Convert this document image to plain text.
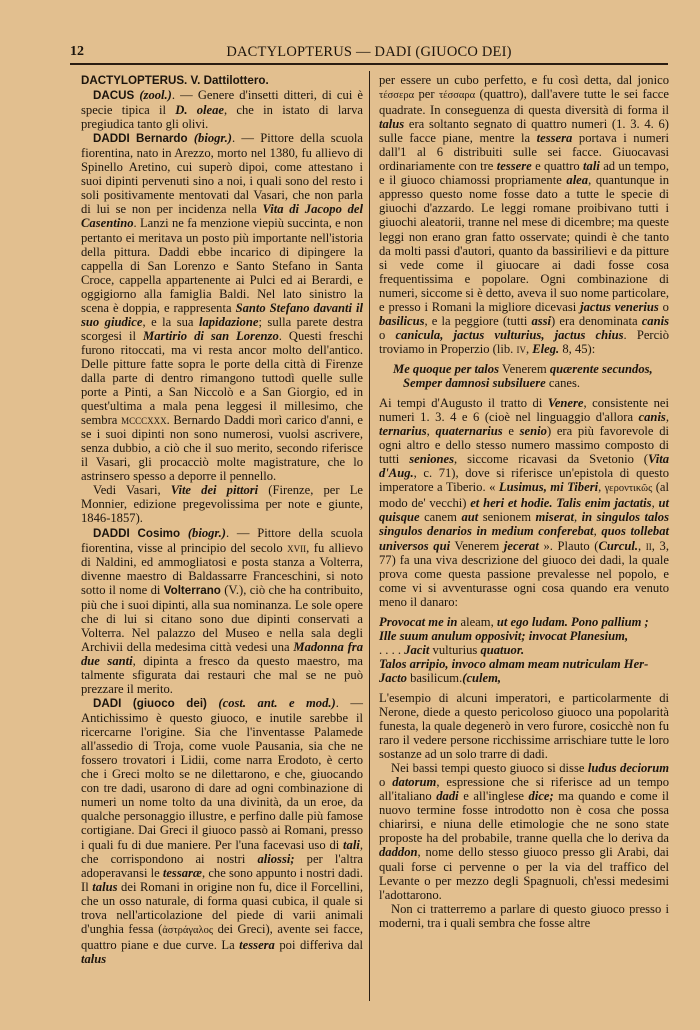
12	DACTYLOPTERUS — DADI (GIUOCO DEI)

DACTYLOPTERUS. V. Dattilottero.

DACUS (zool.). — Genere d'insetti ditteri, di cui è specie tipica il D. oleae, che in istato di larva pregiudica tanto gli olivi.

DADDI Bernardo (biogr.). — Pittore della scuola fiorentina, nato in Arezzo, morto nel 1380, fu allievo di Spinello Aretino, cui superò dipoi, come attestano i suoi dipinti pervenuti sino a noi, i quali sono del resto i soli positivamente mentovati dal Vasari, che non parla di lui se non per incidenza nella Vita di Jacopo del Casentino. Lanzi ne fa menzione viepiù succinta, e non pertanto ei meritava un posto più importante nell'istoria della pittura. Daddi ebbe incarico di dipingere la cappella di San Lorenzo e Santo Stefano in Santa Croce, cappella appartenente ai Pulci ed ai Berardi, e oggigiorno alla famiglia Baldi. Nel lato sinistro la scena è doppia, e rappresenta Santo Stefano davanti il suo giudice, e la sua lapidazione; sulla parete destra scorgesi il Martirio di san Lorenzo. Questi freschi furono ritoccati, ma vi resta ancor molto dell'antico. Delle pitture fatte sopra le porte della città di Firenze dalla parte di dentro rimangono tuttodì quelle sulle porte a Pinti, a San Niccolò e a San Giorgio, ed in quest'ultima a mala pena leggesi il millesimo, che sembra mcccxxx. Bernardo Daddi morì carico d'anni, e se i suoi dipinti non sono numerosi, vuolsi ascrivere, senza dubbio, a ciò che il suo merito, secondo riferisce il Vasari, gli procacciò molte magistrature, che lo astrinsero spesso a deporre il pennello.

Vedi Vasari, Vite dei pittori (Firenze, per Le Monnier, edizione pregevolissima per note e giunte, 1846-1857).

DADDI Cosimo (biogr.). — Pittore della scuola fiorentina, visse al principio del secolo xvii, fu allievo di Naldini, ed ammogliatosi e posta stanza a Volterra, divenne maestro di Baldassarre Franceschini, si noto sotto il nome di Volterrano (V.), ciò che ha contribuito, più che i suoi dipinti, alla sua nominanza. Le sole opere che di lui si citano sono due dipinti conservati a Volterra. Nel palazzo del Museo e nella sala degli Archivii della medesima città vedesi una Madonna fra due santi, dipinta a fresco da questo maestro, ma talmente sfigurata dai restauri che mal se ne può prezzare il merito.

DADI (giuoco dei) (cost. ant. e mod.). — Antichissimo è questo giuoco, e inutile sarebbe il ricercarne l'origine. Sia che l'inventasse Palamede all'assedio di Troja, come vuole Pausania, sia che ne fossero trovatori i Lidii, come narra Erodoto, è certo che i Greci molto se ne dilettarono, e che, giuocando con tre dadi, usarono di dare ad ogni combinazione di numeri un nome tolto da una divinità, da un eroe, da qualche personaggio illustre, e perfino dalle più famose cortigiane. Dai Greci il giuoco passò ai Romani, presso i quali fu di due maniere. Per l'una facevasi uso di tali, che corrispondono ai nostri aliossi; per l'altra adoperavansi le tessaræ, che sono appunto i nostri dadi. Il talus dei Romani in origine non fu, dice il Forcellini, che un osso naturale, di forma quasi cubica, il quale si trova nell'articolazione del piede di varii animali d'unghia fessa (ἀστράγαλος dei Greci), avente sei facce, quattro piane e due curve. La tessera poi differiva dal talus

per essere un cubo perfetto, e fu così detta, dal jonico τέσσερα per τέσσαρα (quattro), dall'avere tutte le sei facce quadrate. In conseguenza di questa diversità di forma il talus era soltanto segnato di quattro numeri (1. 3. 4. 6) sulle facce piane, mentre la tessera portava i numeri dall'1 al 6 distribuiti sulle sei facce. Giuocavasi ordinariamente con tre tessere e quattro tali ad un tempo, e il giuoco chiamossi propriamente alea, quantunque in appresso questo nome fosse dato a tutte le specie di giuochi d'azzardo. Le leggi romane proibivano tutti i giuochi aleatorii, tranne nel mese di dicembre; ma queste leggi non erano gran fatto osservate; quindi è che tanto da molti passi d'autori, quanto da bassirilievi e da pitture si vede come il giuocare ai dadi fosse cosa frequentissima e popolare. Ogni combinazione di numeri, siccome si è detto, aveva il suo nome particolare, e presso i Romani la migliore dicevasi jactus venerius o basilicus, e la peggiore (tutti assi) era denominata canis o canicula, jactus vulturius, jactus chius. Perciò troviamo in Properzio (lib. iv, Eleg. 8, 45):

Me quoque per talos Venerem quærente secundos,
Semper damnosi subsiluere canes.

Ai tempi d'Augusto il tratto di Venere, consistente nei numeri 1. 3. 4 e 6 (cioè nel linguaggio d'allora canis, ternarius, quaternarius e senio) era più favorevole di ogni altro e dello stesso numero massimo composto di tutti seniones, siccome ricavasi da Svetonio (Vita d'Aug., c. 71), dove si riferisce un'epistola di questo imperatore a Tiberio. « Lusimus, mi Tiberi, γεροντικῶς (al modo de' vecchi) et heri et hodie. Talis enim jactatis, ut quisque canem aut senionem miserat, in singulos talos singulos denarios in medium conferebat, quos tollebat universos qui Venerem jecerat ». Plauto (Curcul., ii, 3, 77) fa una viva descrizione del giuoco dei dadi, la quale prova come questa passione prevalesse nel popolo, e come vi si avventurasse ogni cosa quando era venuto meno il danaro:

Provocat me in aleam, ut ego ludam. Pono pallium ;
Ille suum anulum opposivit; invocat Planesium,
. . . . Jacit vulturius quatuor.
Talos arripio, invoco almam meam nutriculam Her-
Jacto basilicum.(culem,

L'esempio di alcuni imperatori, e particolarmente di Nerone, diede a questo pericoloso giuoco una popolarità funesta, la quale degenerò in vero furore, cosicchè non fu raro il vedere persone ricchissime arrischiare tutte le loro sostanze ad un solo trarre di dadi.

Nei bassi tempi questo giuoco si disse ludus deciorum o datorum, espressione che si riferisce ad un tempo all'italiano dadi e all'inglese dice; ma quando e come il nuovo termine fosse introdotto non è cosa che possa chiarirsi, e niuna delle etimologie che ne sono state proposte ha del probabile, tranne quella che lo deriva da daddon, nome dello stesso giuoco presso gli Arabi, dai quali forse ci pervenne o per la via del traffico del Levante o per mezzo degli Spagnuoli, ch'essi medesimi l'adottarono.

Non ci tratterremo a parlare di questo giuoco presso i moderni, tra i quali sembra che fosse altre
